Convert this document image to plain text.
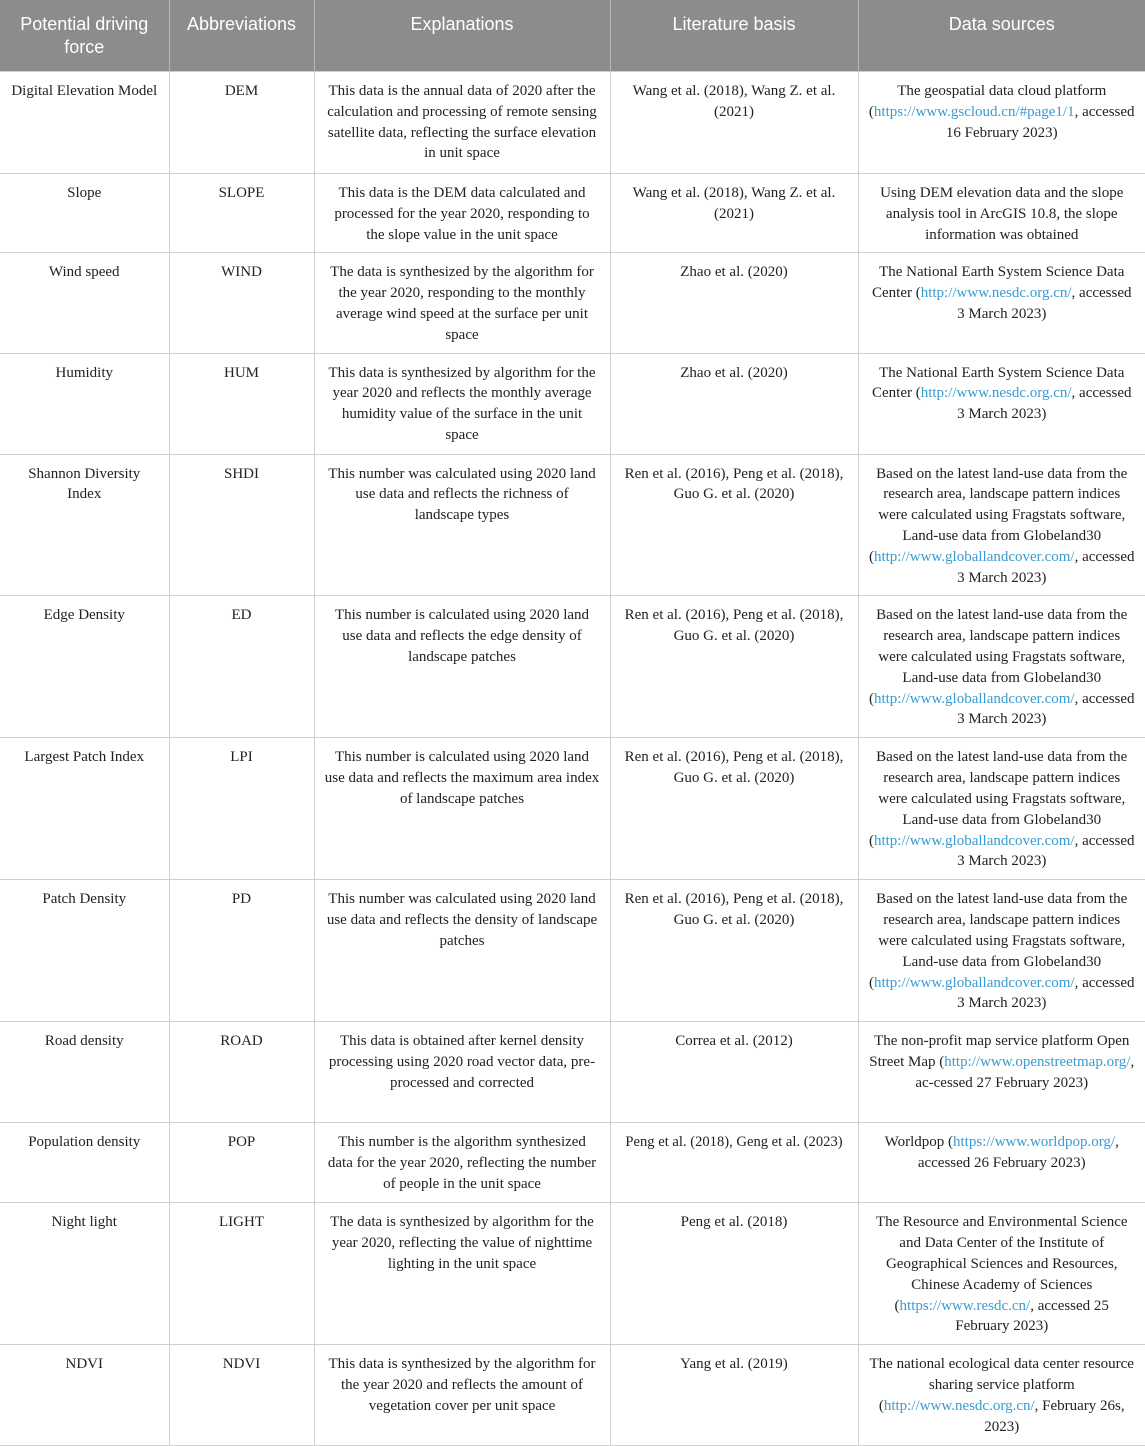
Potential driving force	Abbreviations	Explanations	Literature basis	Data sources
Digital Elevation Model	DEM	This data is the annual data of 2020 after the calculation and processing of remote sensing satellite data, reflecting the surface elevation in unit space	Wang et al. (2018), Wang Z. et al. (2021)	The geospatial data cloud platform (https://www.gscloud.cn/#page1/1, accessed 16 February 2023)
Slope	SLOPE	This data is the DEM data calculated and processed for the year 2020, responding to the slope value in the unit space	Wang et al. (2018), Wang Z. et al. (2021)	Using DEM elevation data and the slope analysis tool in ArcGIS 10.8, the slope information was obtained
Wind speed	WIND	The data is synthesized by the algorithm for the year 2020, responding to the monthly average wind speed at the surface per unit space	Zhao et al. (2020)	The National Earth System Science Data Center (http://www.nesdc.org.cn/, accessed 3 March 2023)
Humidity	HUM	This data is synthesized by algorithm for the year 2020 and reflects the monthly average humidity value of the surface in the unit space	Zhao et al. (2020)	The National Earth System Science Data Center (http://www.nesdc.org.cn/, accessed 3 March 2023)
Shannon Diversity Index	SHDI	This number was calculated using 2020 land use data and reflects the richness of landscape types	Ren et al. (2016), Peng et al. (2018), Guo G. et al. (2020)	Based on the latest land-use data from the research area, landscape pattern indices were calculated using Fragstats software, Land-use data from Globeland30 (http://www.globallandcover.com/, accessed 3 March 2023)
Edge Density	ED	This number is calculated using 2020 land use data and reflects the edge density of landscape patches	Ren et al. (2016), Peng et al. (2018), Guo G. et al. (2020)	Based on the latest land-use data from the research area, landscape pattern indices were calculated using Fragstats software, Land-use data from Globeland30 (http://www.globallandcover.com/, accessed 3 March 2023)
Largest Patch Index	LPI	This number is calculated using 2020 land use data and reflects the maximum area index of landscape patches	Ren et al. (2016), Peng et al. (2018), Guo G. et al. (2020)	Based on the latest land-use data from the research area, landscape pattern indices were calculated using Fragstats software, Land-use data from Globeland30 (http://www.globallandcover.com/, accessed 3 March 2023)
Patch Density	PD	This number was calculated using 2020 land use data and reflects the density of landscape patches	Ren et al. (2016), Peng et al. (2018), Guo G. et al. (2020)	Based on the latest land-use data from the research area, landscape pattern indices were calculated using Fragstats software, Land-use data from Globeland30 (http://www.globallandcover.com/, accessed 3 March 2023)
Road density	ROAD	This data is obtained after kernel density processing using 2020 road vector data, pre-processed and corrected	Correa et al. (2012)	The non-profit map service platform Open Street Map (http://www.openstreetmap.org/, ac-cessed 27 February 2023)
Population density	POP	This number is the algorithm synthesized data for the year 2020, reflecting the number of people in the unit space	Peng et al. (2018), Geng et al. (2023)	Worldpop (https://www.worldpop.org/, accessed 26 February 2023)
Night light	LIGHT	The data is synthesized by algorithm for the year 2020, reflecting the value of nighttime lighting in the unit space	Peng et al. (2018)	The Resource and Environmental Science and Data Center of the Institute of Geographical Sciences and Resources, Chinese Academy of Sciences (https://www.resdc.cn/, accessed 25 February 2023)
NDVI	NDVI	This data is synthesized by the algorithm for the year 2020 and reflects the amount of vegetation cover per unit space	Yang et al. (2019)	The national ecological data center resource sharing service platform (http://www.nesdc.org.cn/, February 26s, 2023)
